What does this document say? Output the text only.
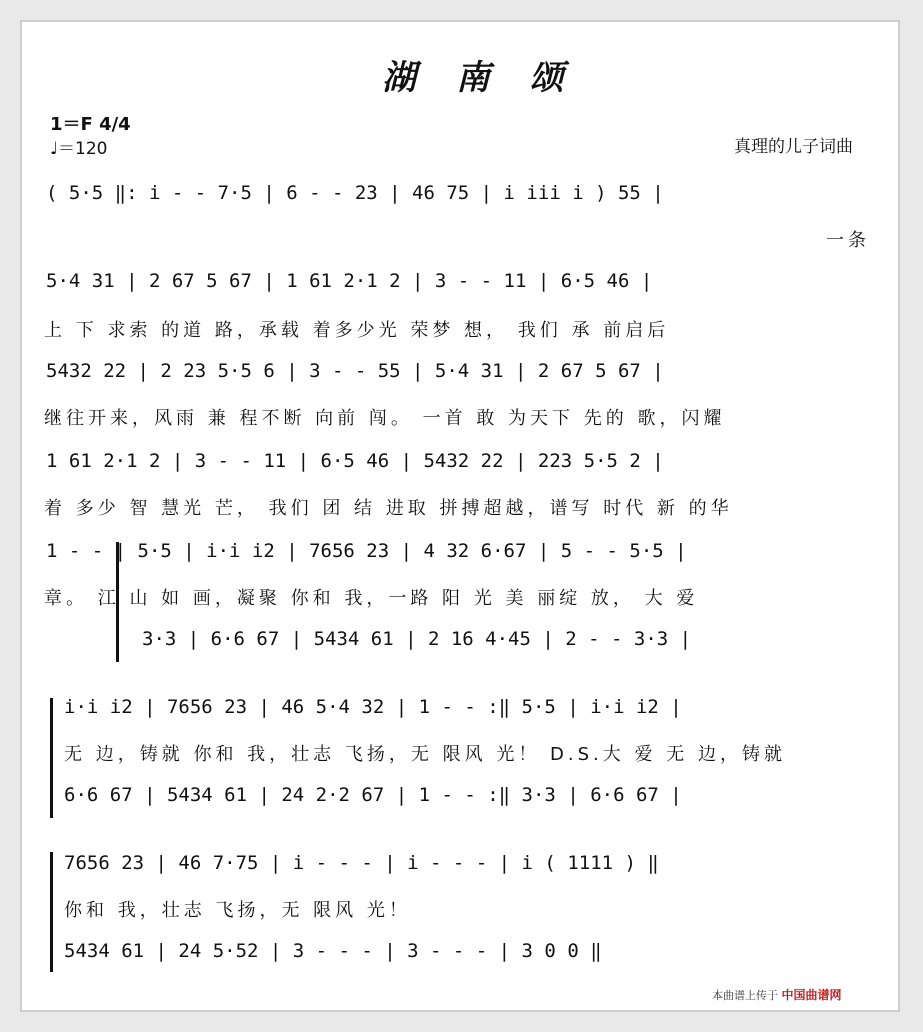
湖 南 颂
1＝F 4/4
♩＝120	真理的儿子词曲
( 5·5 ‖: i - - 7·5 | 6 - - 23 | 46 75 | i iii i ) 55 |
一条
5·4 31 | 2 67 5 67 | 1 61 2·1 2 | 3 - - 11 | 6·5 46 |
上 下 求索 的道 路，承载 着多少光 荣梦 想， 我们 承 前启后
5432 22 | 2 23 5·5 6 | 3 - - 55 | 5·4 31 | 2 67 5 67 |
继往开来，风雨 兼 程不断 向前 闯。 一首 敢 为天下 先的 歌，闪耀
1 61 2·1 2 | 3 - - 11 | 6·5 46 | 5432 22 | 223 5·5 2 |
着 多少 智 慧光 芒， 我们 团 结 进取 拼搏超越，谱写 时代 新 的华
1 - - | 5·5 | i·i i2 | 7656 23 | 4 32 6·67 | 5 - - 5·5 |
章。 江 山 如 画，凝聚 你和 我，一路 阳 光 美 丽绽 放， 大 爱
3·3 | 6·6 67 | 5434 61 | 2 16 4·45 | 2 - - 3·3 |
i·i i2 | 7656 23 | 46 5·4 32 | 1 - - :‖ 5·5 | i·i i2 |
无 边，铸就 你和 我，壮志 飞扬，无 限风 光！ D.S.大 爱 无 边，铸就
6·6 67 | 5434 61 | 24 2·2 67 | 1 - - :‖ 3·3 | 6·6 67 |
7656 23 | 46 7·75 | i - - - | i - - - | i ( 1111 ) ‖
你和 我，壮志 飞扬，无 限风 光！
5434 61 | 24 5·52 | 3 - - - | 3 - - - | 3 0 0 ‖
本曲谱上传于 中国曲谱网
